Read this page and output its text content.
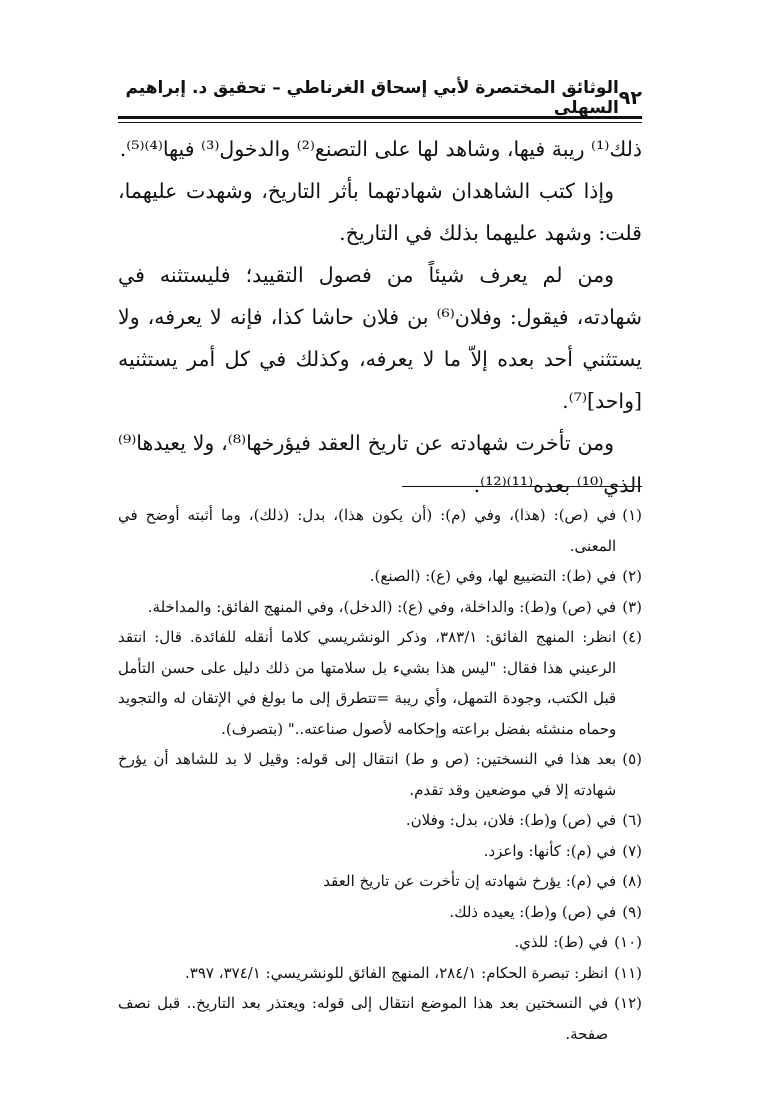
٩٢
الوثائق المختصرة لأبي إسحاق الغرناطي – تحقيق د. إبراهيم السهلي

ذلك⁽¹⁾ ريبة فيها، وشاهد لها على التصنع⁽²⁾ والدخول⁽³⁾ فيها⁽⁴⁾⁽⁵⁾.

وإذا كتب الشاهدان شهادتهما بأثر التاريخ، وشهدت عليهما، قلت: وشهد عليهما بذلك في التاريخ.

ومن لم يعرف شيئاً من فصول التقييد؛ فليستثنه في شهادته، فيقول: وفلان⁽⁶⁾ بن فلان حاشا كذا، فإنه لا يعرفه، ولا يستثني أحد بعده إلاّ ما لا يعرفه، وكذلك في كل أمر يستثنيه [واحد]⁽⁷⁾.

ومن تأخرت شهادته عن تاريخ العقد فيؤرخها⁽⁸⁾، ولا يعيدها⁽⁹⁾ الذي⁽¹⁰⁾ بعده⁽¹¹⁾⁽¹²⁾.

(١)
في (ص): (هذا)، وفي (م): (أن يكون هذا)، بدل: (ذلك)، وما أثبته أوضح في المعنى.
(٢)
في (ط): التضييع لها، وفي (ع): (الصنع).
(٣)
في (ص) و(ط): والداخلة، وفي (ع): (الدخل)، وفي المنهج الفائق: والمداخلة.
(٤)
انظر: المنهج الفائق: ٣٨٣/١، وذكر الونشريسي كلاما أنقله للفائدة. قال: انتقد الرعيني هذا فقال: "ليس هذا بشيء بل سلامتها من ذلك دليل على حسن التأمل قبل الكتب، وجودة التمهل، وأي ريبة =تتطرق إلى ما بولغ في الإتقان له والتجويد وحماه منشئه بفضل براعته وإحكامه لأصول صناعته.." (بتصرف).
(٥)
بعد هذا في النسختين: (ص و ط) انتقال إلى قوله: وقيل لا بد للشاهد أن يؤرخ شهادته إلا في موضعين وقد تقدم.
(٦)
في (ص) و(ط): فلان، بدل: وفلان.
(٧)
في (م): كأنها: واعزد.
(٨)
في (م): يؤرخ شهادته إن تأخرت عن تاريخ العقد
(٩)
في (ص) و(ط): يعيده ذلك.
(١٠)
في (ط): للذي.
(١١)
انظر: تبصرة الحكام: ٢٨٤/١، المنهج الفائق للونشريسي: ٣٧٤/١، ٣٩٧.
(١٢)
في النسختين بعد هذا الموضع انتقال إلى قوله: ويعتذر بعد التاريخ.. قبل نصف صفحة.
